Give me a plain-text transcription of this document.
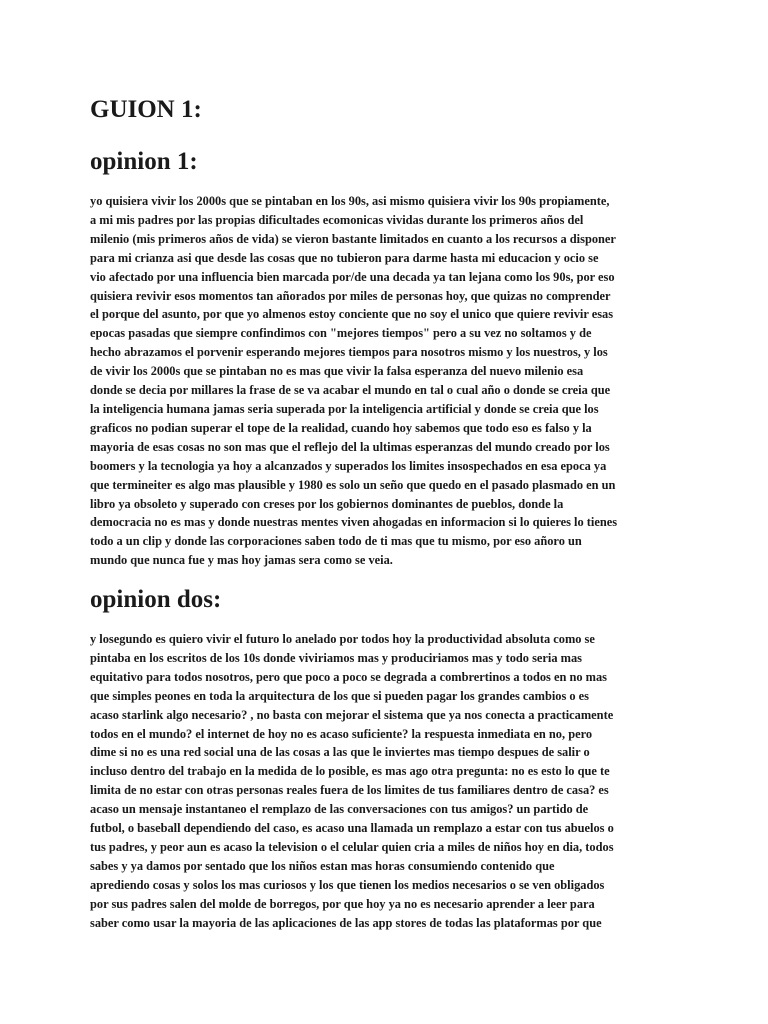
GUION 1:
opinion 1:
yo quisiera vivir los 2000s que se pintaban en los 90s, asi mismo quisiera vivir los 90s propiamente,
a mi mis padres por las propias dificultades ecomonicas vividas durante los primeros años del
milenio (mis primeros años de vida) se vieron bastante limitados en cuanto a los recursos a disponer
para mi crianza asi que desde las cosas que no tubieron para darme hasta mi educacion y ocio se
vio afectado por una influencia bien marcada por/de una decada ya tan lejana como los 90s, por eso
quisiera revivir esos momentos tan añorados por miles de personas hoy, que quizas no comprender
el porque del asunto, por que yo almenos estoy conciente que no soy el unico que quiere revivir esas
epocas pasadas que siempre confindimos con "mejores tiempos" pero a su vez no soltamos y de
hecho abrazamos el porvenir esperando mejores tiempos para nosotros mismo y los nuestros, y los
de vivir los 2000s que se pintaban no es mas que vivir la falsa esperanza del nuevo milenio esa
donde se decia por millares la frase de se va acabar el mundo en tal o cual año o donde se creia que
la inteligencia humana jamas seria superada por la inteligencia artificial y donde se creia que los
graficos no podian superar el tope de la realidad, cuando hoy sabemos que todo eso es falso y la
mayoria de esas cosas no son mas que el reflejo del la ultimas esperanzas del mundo creado por los
boomers y la tecnologia ya hoy a alcanzados y superados los limites insospechados en esa epoca ya
que termineiter es algo mas plausible y 1980 es solo un seño que quedo en el pasado plasmado en un
libro ya obsoleto y superado con creses por los gobiernos dominantes de pueblos, donde la
democracia no es mas y donde nuestras mentes viven ahogadas en informacion si lo quieres lo tienes
todo a un clip y donde las corporaciones saben todo de ti mas que tu mismo, por eso añoro un
mundo que nunca fue y mas hoy jamas sera como se veia.
opinion dos:
y losegundo es quiero vivir el futuro lo anelado por todos hoy la productividad absoluta como se
pintaba en los escritos de los 10s donde viviriamos mas y produciriamos mas y todo seria mas
equitativo para todos nosotros, pero que poco a poco se degrada a combrertinos a todos en no mas
que simples peones en toda la arquitectura de los que si pueden pagar los grandes cambios o es
acaso starlink algo necesario? , no basta con mejorar el sistema que ya nos conecta a practicamente
todos en el mundo? el internet de hoy no es acaso suficiente? la respuesta inmediata en no, pero
dime si no es una red social una de las cosas a las que le inviertes mas tiempo despues de salir o
incluso dentro del trabajo en la medida de lo posible, es mas ago otra pregunta: no es esto lo que te
limita de no estar con otras personas reales fuera de los limites de tus familiares dentro de casa? es
acaso un mensaje instantaneo el remplazo de las conversaciones con tus amigos? un partido de
futbol, o baseball dependiendo del caso, es acaso una llamada un remplazo a estar con tus abuelos o
tus padres, y peor aun es acaso la television o el celular quien cria a miles de niños hoy en dia, todos
sabes y ya damos por sentado que los niños estan mas horas consumiendo contenido que
aprediendo cosas y solos los mas curiosos y los que tienen los medios necesarios o se ven obligados
por sus padres salen del molde de borregos, por que hoy ya no es necesario aprender a leer para
saber como usar la mayoria de las aplicaciones de las app stores de todas las plataformas por que
